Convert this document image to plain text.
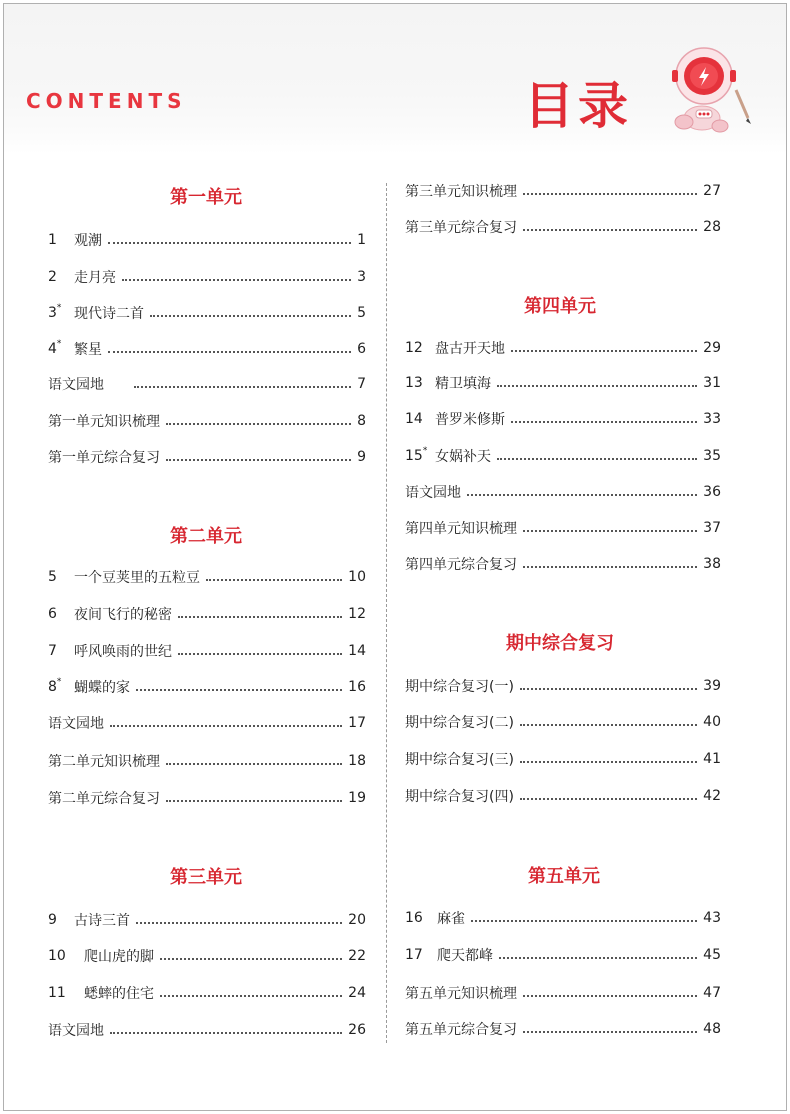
CONTENTS	目录
第一单元
1	观潮	1
2	走月亮	3
3* 现代诗二首	5
4* 繁星	6
语文园地	7
第一单元知识梳理	8
第一单元综合复习	9
第二单元
5	一个豆荚里的五粒豆	10
6	夜间飞行的秘密	12
7	呼风唤雨的世纪	14
8* 蝴蝶的家	16
语文园地	17
第二单元知识梳理	18
第二单元综合复习	19
第三单元
9	古诗三首	20
10	爬山虎的脚	22
11	蟋蟀的住宅	24
语文园地	26
第三单元知识梳理	27
第三单元综合复习	28
第四单元
12 盘古开天地	29
13 精卫填海	31
14 普罗米修斯	33
15* 女娲补天	35
语文园地	36
第四单元知识梳理	37
第四单元综合复习	38
期中综合复习
期中综合复习(一)	39
期中综合复习(二)	40
期中综合复习(三)	41
期中综合复习(四)	42
第五单元
16	麻雀	43
17	爬天都峰	45
第五单元知识梳理	47
第五单元综合复习	48
